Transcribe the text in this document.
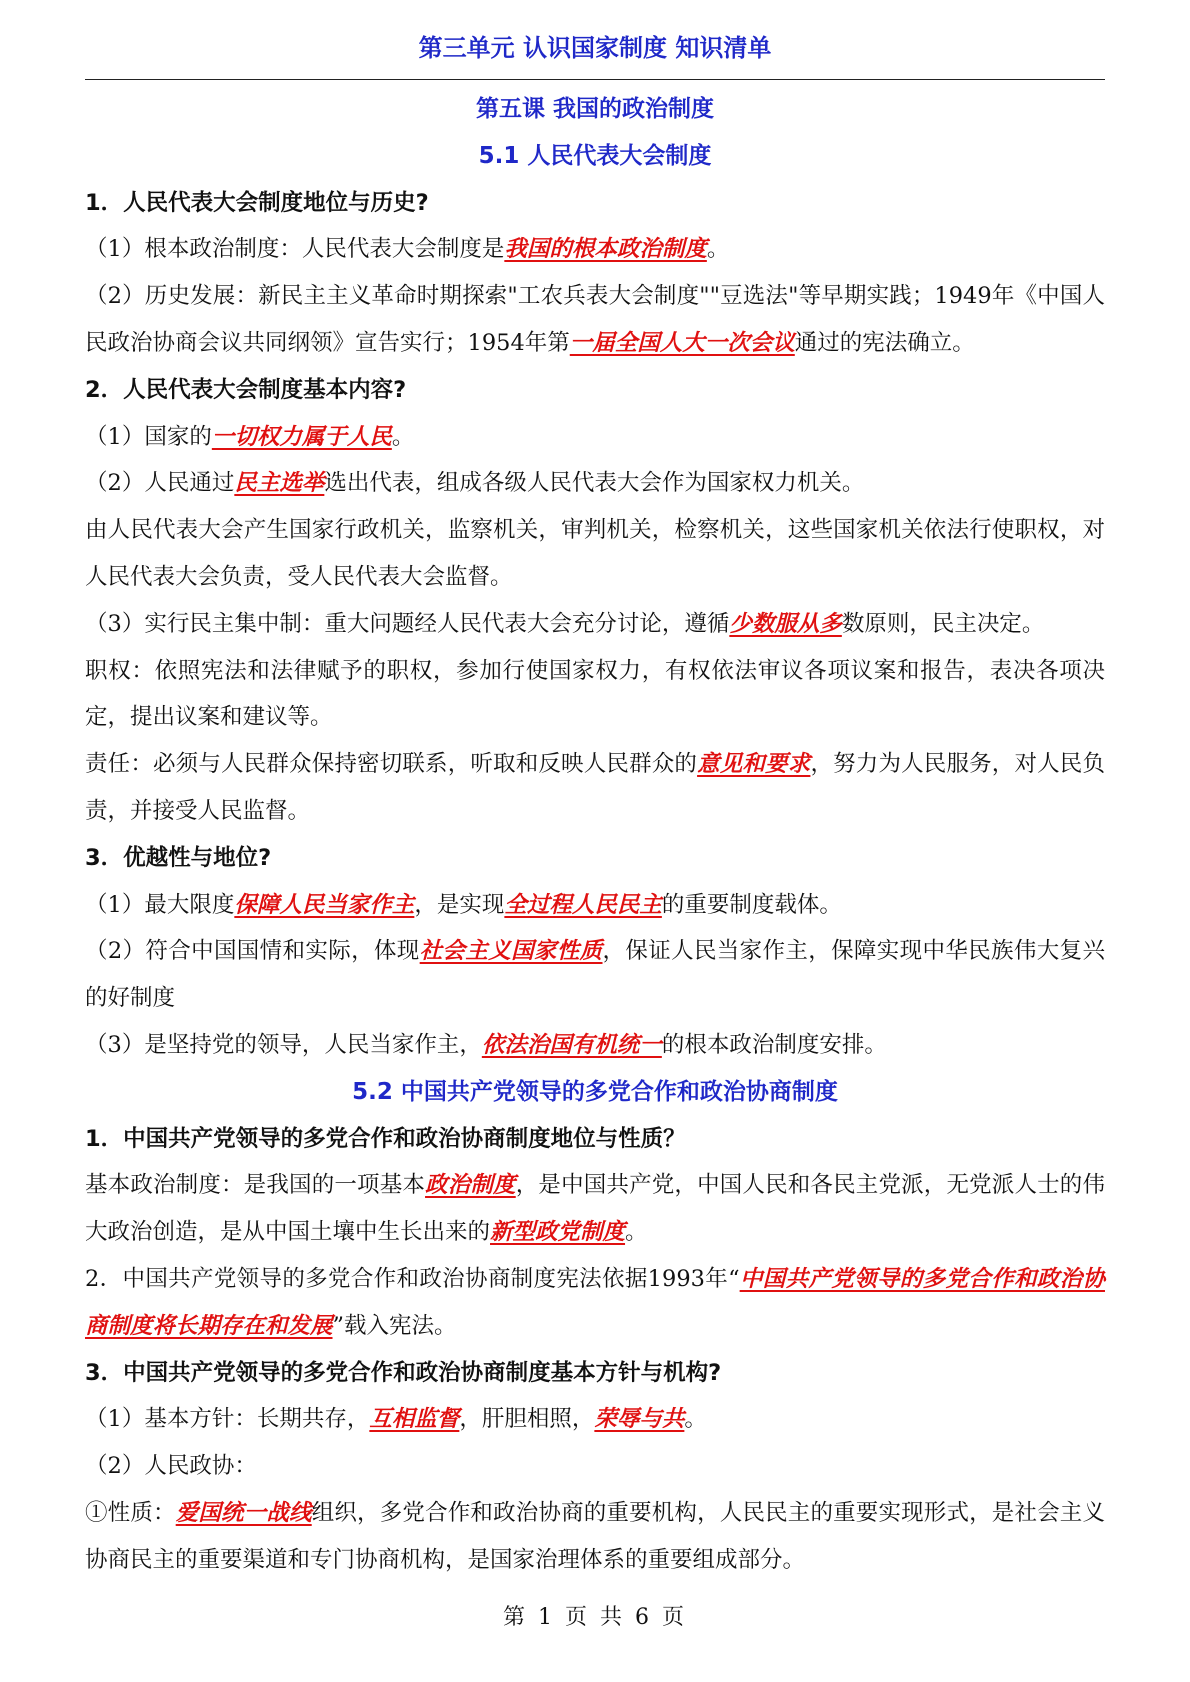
第三单元 认识国家制度 知识清单

第五课 我国的政治制度

5.1 人民代表大会制度

1．人民代表大会制度地位与历史?

（1）根本政治制度：人民代表大会制度是我国的根本政治制度。

（2）历史发展：新民主主义革命时期探索"工农兵表大会制度""豆选法"等早期实践；1949年《中国人民政治协商会议共同纲领》宣告实行；1954年第一届全国人大一次会议通过的宪法确立。

2．人民代表大会制度基本内容?

（1）国家的一切权力属于人民。

（2）人民通过民主选举选出代表，组成各级人民代表大会作为国家权力机关。

由人民代表大会产生国家行政机关，监察机关，审判机关，检察机关，这些国家机关依法行使职权，对人民代表大会负责，受人民代表大会监督。

（3）实行民主集中制：重大问题经人民代表大会充分讨论，遵循少数服从多数原则，民主决定。

职权：依照宪法和法律赋予的职权，参加行使国家权力，有权依法审议各项议案和报告，表决各项决定，提出议案和建议等。

责任：必须与人民群众保持密切联系，听取和反映人民群众的意见和要求，努力为人民服务，对人民负责，并接受人民监督。

3．优越性与地位?

（1）最大限度保障人民当家作主，是实现全过程人民民主的重要制度载体。

（2）符合中国国情和实际，体现社会主义国家性质，保证人民当家作主，保障实现中华民族伟大复兴的好制度

（3）是坚持党的领导，人民当家作主，依法治国有机统一的根本政治制度安排。

5.2 中国共产党领导的多党合作和政治协商制度

1．中国共产党领导的多党合作和政治协商制度地位与性质？

基本政治制度：是我国的一项基本政治制度，是中国共产党，中国人民和各民主党派，无党派人士的伟大政治创造，是从中国土壤中生长出来的新型政党制度。

2．中国共产党领导的多党合作和政治协商制度宪法依据1993年“中国共产党领导的多党合作和政治协商制度将长期存在和发展”载入宪法。

3．中国共产党领导的多党合作和政治协商制度基本方针与机构?

（1）基本方针：长期共存，互相监督，肝胆相照，荣辱与共。

（2）人民政协：

①性质：爱国统一战线组织，多党合作和政治协商的重要机构，人民民主的重要实现形式，是社会主义协商民主的重要渠道和专门协商机构，是国家治理体系的重要组成部分。

第 1 页 共 6 页
